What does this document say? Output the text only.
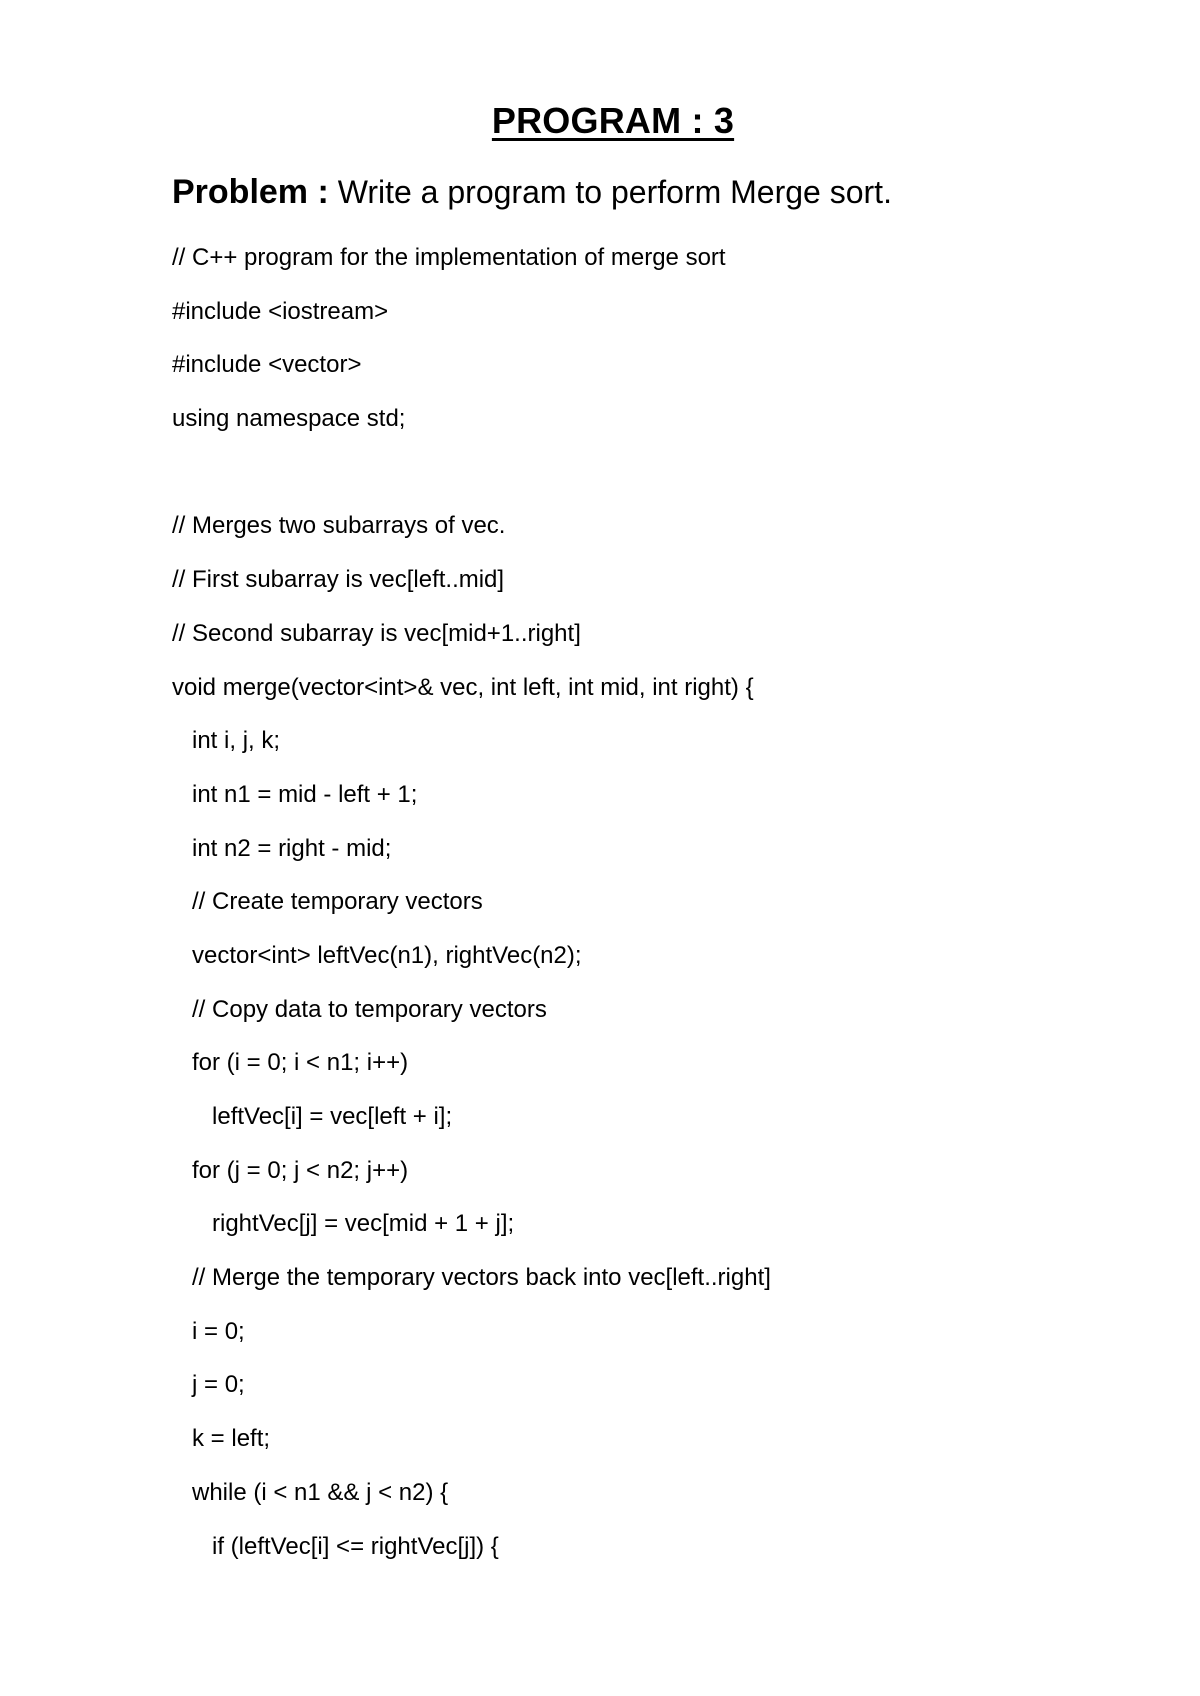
PROGRAM : 3
Problem : Write a program to perform Merge sort.
// C++ program for the implementation of merge sort
#include <iostream>
#include <vector>
using namespace std;
// Merges two subarrays of vec.
// First subarray is vec[left..mid]
// Second subarray is vec[mid+1..right]
void merge(vector<int>& vec, int left, int mid, int right) {
int i, j, k;
int n1 = mid - left + 1;
int n2 = right - mid;
// Create temporary vectors
vector<int> leftVec(n1), rightVec(n2);
// Copy data to temporary vectors
for (i = 0; i < n1; i++)
leftVec[i] = vec[left + i];
for (j = 0; j < n2; j++)
rightVec[j] = vec[mid + 1 + j];
// Merge the temporary vectors back into vec[left..right]
i = 0;
j = 0;
k = left;
while (i < n1 && j < n2) {
if (leftVec[i] <= rightVec[j]) {
